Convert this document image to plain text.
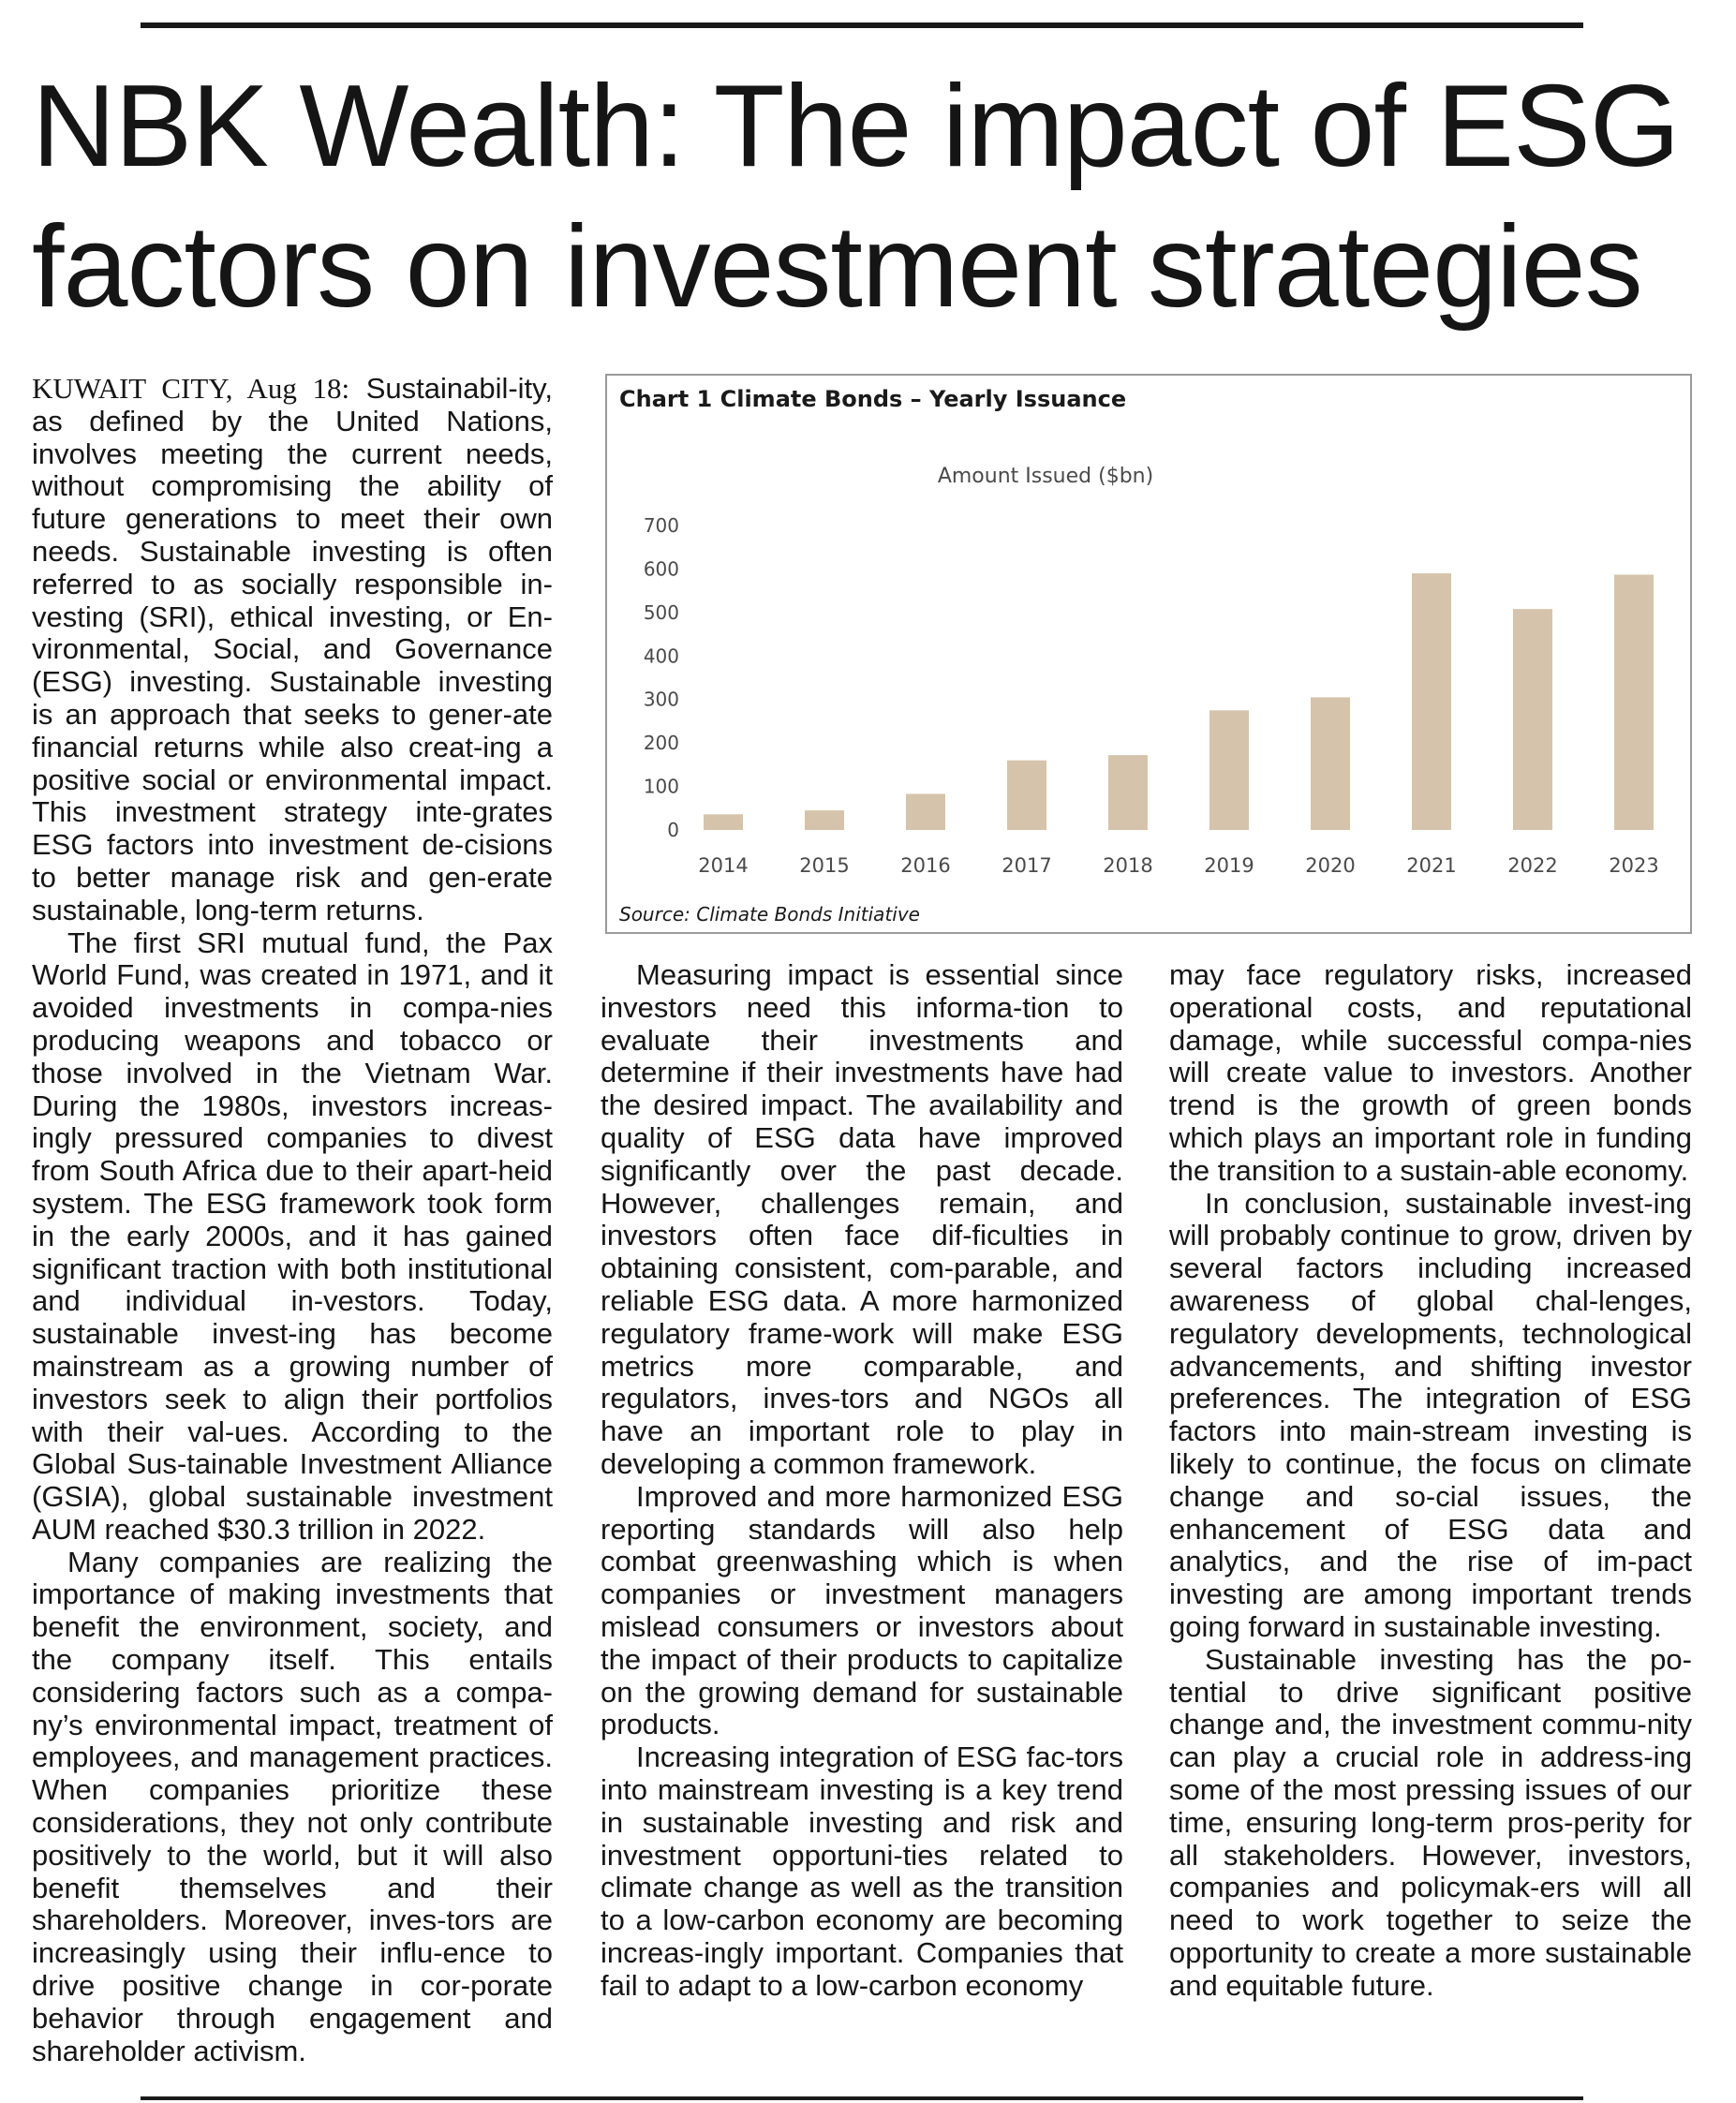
NBK Wealth: The impact of ESG
factors on investment strategies

KUWAIT CITY, Aug 18: Sustainabil-ity, as defined by the United Nations, involves meeting the current needs, without compromising the ability of future generations to meet their own needs. Sustainable investing is often referred to as socially responsible in-vesting (SRI), ethical investing, or En-vironmental, Social, and Governance (ESG) investing. Sustainable investing is an approach that seeks to gener-ate financial returns while also creat-ing a positive social or environmental impact. This investment strategy inte-grates ESG factors into investment de-cisions to better manage risk and gen-erate sustainable, long-term returns.

The first SRI mutual fund, the Pax World Fund, was created in 1971, and it avoided investments in compa-nies producing weapons and tobacco or those involved in the Vietnam War. During the 1980s, investors increas-ingly pressured companies to divest from South Africa due to their apart-heid system. The ESG framework took form in the early 2000s, and it has gained significant traction with both institutional and individual in-vestors. Today, sustainable invest-ing has become mainstream as a growing number of investors seek to align their portfolios with their val-ues. According to the Global Sus-tainable Investment Alliance (GSIA), global sustainable investment AUM reached $30.3 trillion in 2022.

Many companies are realizing the importance of making investments that benefit the environment, society, and the company itself. This entails considering factors such as a compa-ny’s environmental impact, treatment of employees, and management practices. When companies prioritize these considerations, they not only contribute positively to the world, but it will also benefit themselves and their shareholders. Moreover, inves-tors are increasingly using their influ-ence to drive positive change in cor-porate behavior through engagement and shareholder activism.

Chart 1 Climate Bonds – Yearly Issuance
Amount Issued ($bn)
0
100
200
300
400
500
600
700
2014	2015	2016	2017	2018	2019	2020	2021	2022	2023
Source: Climate Bonds Initiative

Measuring impact is essential since investors need this informa-tion to evaluate their investments and determine if their investments have had the desired impact. The availability and quality of ESG data have improved significantly over the past decade. However, challenges remain, and investors often face dif-ficulties in obtaining consistent, com-parable, and reliable ESG data. A more harmonized regulatory frame-work will make ESG metrics more comparable, and regulators, inves-tors and NGOs all have an important role to play in developing a common framework.

Improved and more harmonized ESG reporting standards will also help combat greenwashing which is when companies or investment managers mislead consumers or investors about the impact of their products to capitalize on the growing demand for sustainable products.

Increasing integration of ESG fac-tors into mainstream investing is a key trend in sustainable investing and risk and investment opportuni-ties related to climate change as well as the transition to a low-carbon economy are becoming increas-ingly important. Companies that fail to adapt to a low-carbon economy

may face regulatory risks, increased operational costs, and reputational damage, while successful compa-nies will create value to investors. Another trend is the growth of green bonds which plays an important role in funding the transition to a sustain-able economy.

In conclusion, sustainable invest-ing will probably continue to grow, driven by several factors including increased awareness of global chal-lenges, regulatory developments, technological advancements, and shifting investor preferences. The integration of ESG factors into main-stream investing is likely to continue, the focus on climate change and so-cial issues, the enhancement of ESG data and analytics, and the rise of im-pact investing are among important trends going forward in sustainable investing.

Sustainable investing has the po-tential to drive significant positive change and, the investment commu-nity can play a crucial role in address-ing some of the most pressing issues of our time, ensuring long-term pros-perity for all stakeholders. However, investors, companies and policymak-ers will all need to work together to seize the opportunity to create a more sustainable and equitable future.
